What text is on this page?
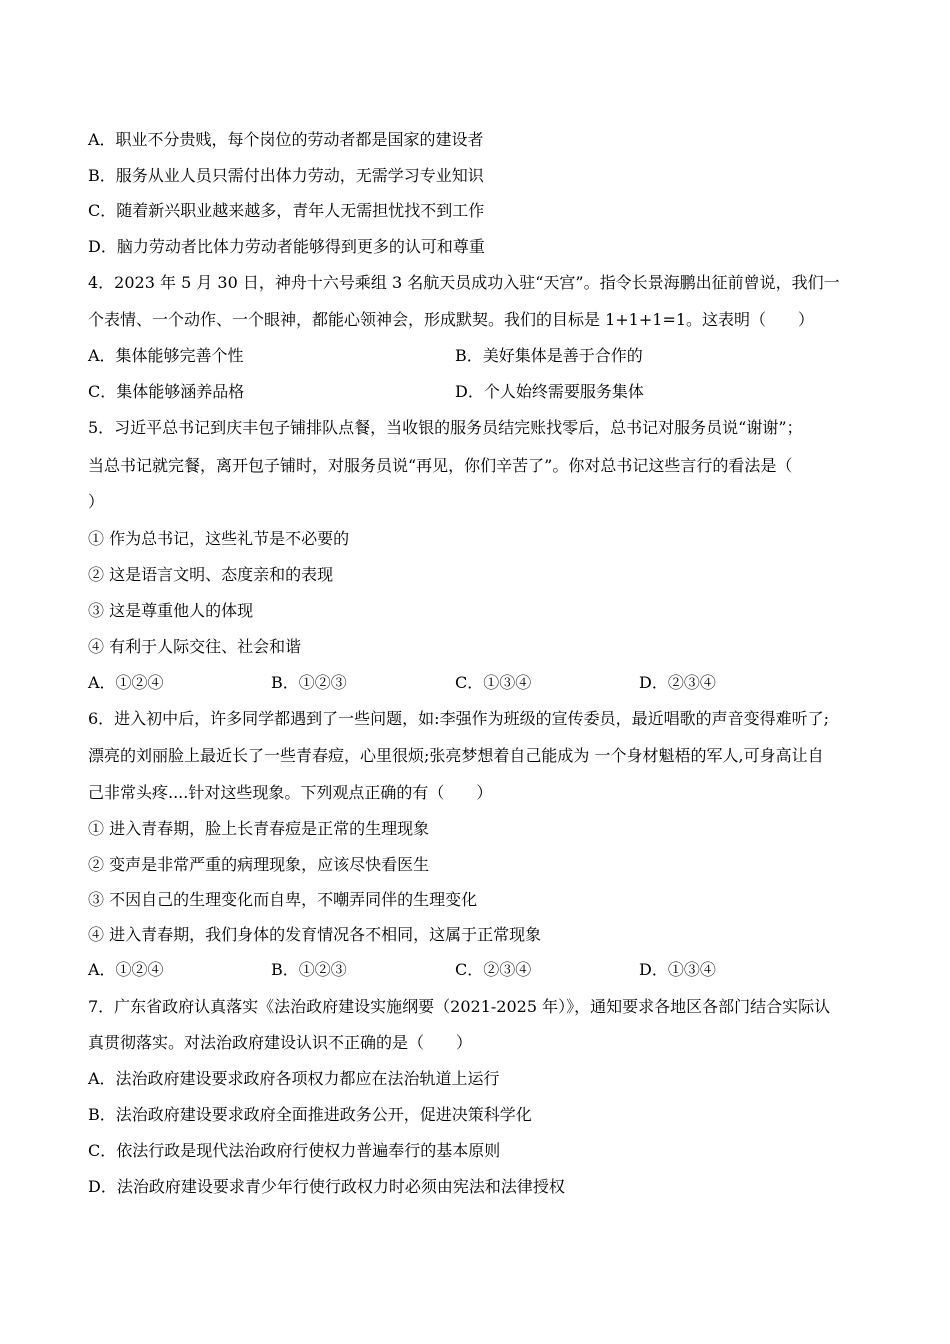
A．职业不分贵贱，每个岗位的劳动者都是国家的建设者
B．服务从业人员只需付出体力劳动，无需学习专业知识
C．随着新兴职业越来越多，青年人无需担忧找不到工作
D．脑力劳动者比体力劳动者能够得到更多的认可和尊重
4．2023 年 5 月 30 日，神舟十六号乘组 3 名航天员成功入驻“天宫”。指令长景海鹏出征前曾说，我们一
个表情、一个动作、一个眼神，都能心领神会，形成默契。我们的目标是 1+1+1=1。这表明（　　）
A．集体能够完善个性	B．美好集体是善于合作的
C．集体能够涵养品格	D．个人始终需要服务集体
5．习近平总书记到庆丰包子铺排队点餐，当收银的服务员结完账找零后，总书记对服务员说“谢谢”；
当总书记就完餐，离开包子铺时，对服务员说“再见，你们辛苦了”。你对总书记这些言行的看法是（
）
① 作为总书记，这些礼节是不必要的
② 这是语言文明、态度亲和的表现
③ 这是尊重他人的体现
④ 有利于人际交往、社会和谐
A．①②④	B．①②③	C．①③④	D．②③④
6．进入初中后，许多同学都遇到了一些问题，如:李强作为班级的宣传委员，最近唱歌的声音变得难听了;
漂亮的刘丽脸上最近长了一些青春痘，心里很烦;张亮梦想着自己能成为 一个身材魁梧的军人,可身高让自
己非常头疼....针对这些现象。下列观点正确的有（　　）
① 进入青春期，脸上长青春痘是正常的生理现象
② 变声是非常严重的病理现象，应该尽快看医生
③ 不因自己的生理变化而自卑，不嘲弄同伴的生理变化
④ 进入青春期，我们身体的发育情况各不相同，这属于正常现象
A．①②④	B．①②③	C．②③④	D．①③④
7．广东省政府认真落实《法治政府建设实施纲要（2021-2025 年）》，通知要求各地区各部门结合实际认
真贯彻落实。对法治政府建设认识不正确的是（　　）
A．法治政府建设要求政府各项权力都应在法治轨道上运行
B．法治政府建设要求政府全面推进政务公开，促进决策科学化
C．依法行政是现代法治政府行使权力普遍奉行的基本原则
D．法治政府建设要求青少年行使行政权力时必须由宪法和法律授权
